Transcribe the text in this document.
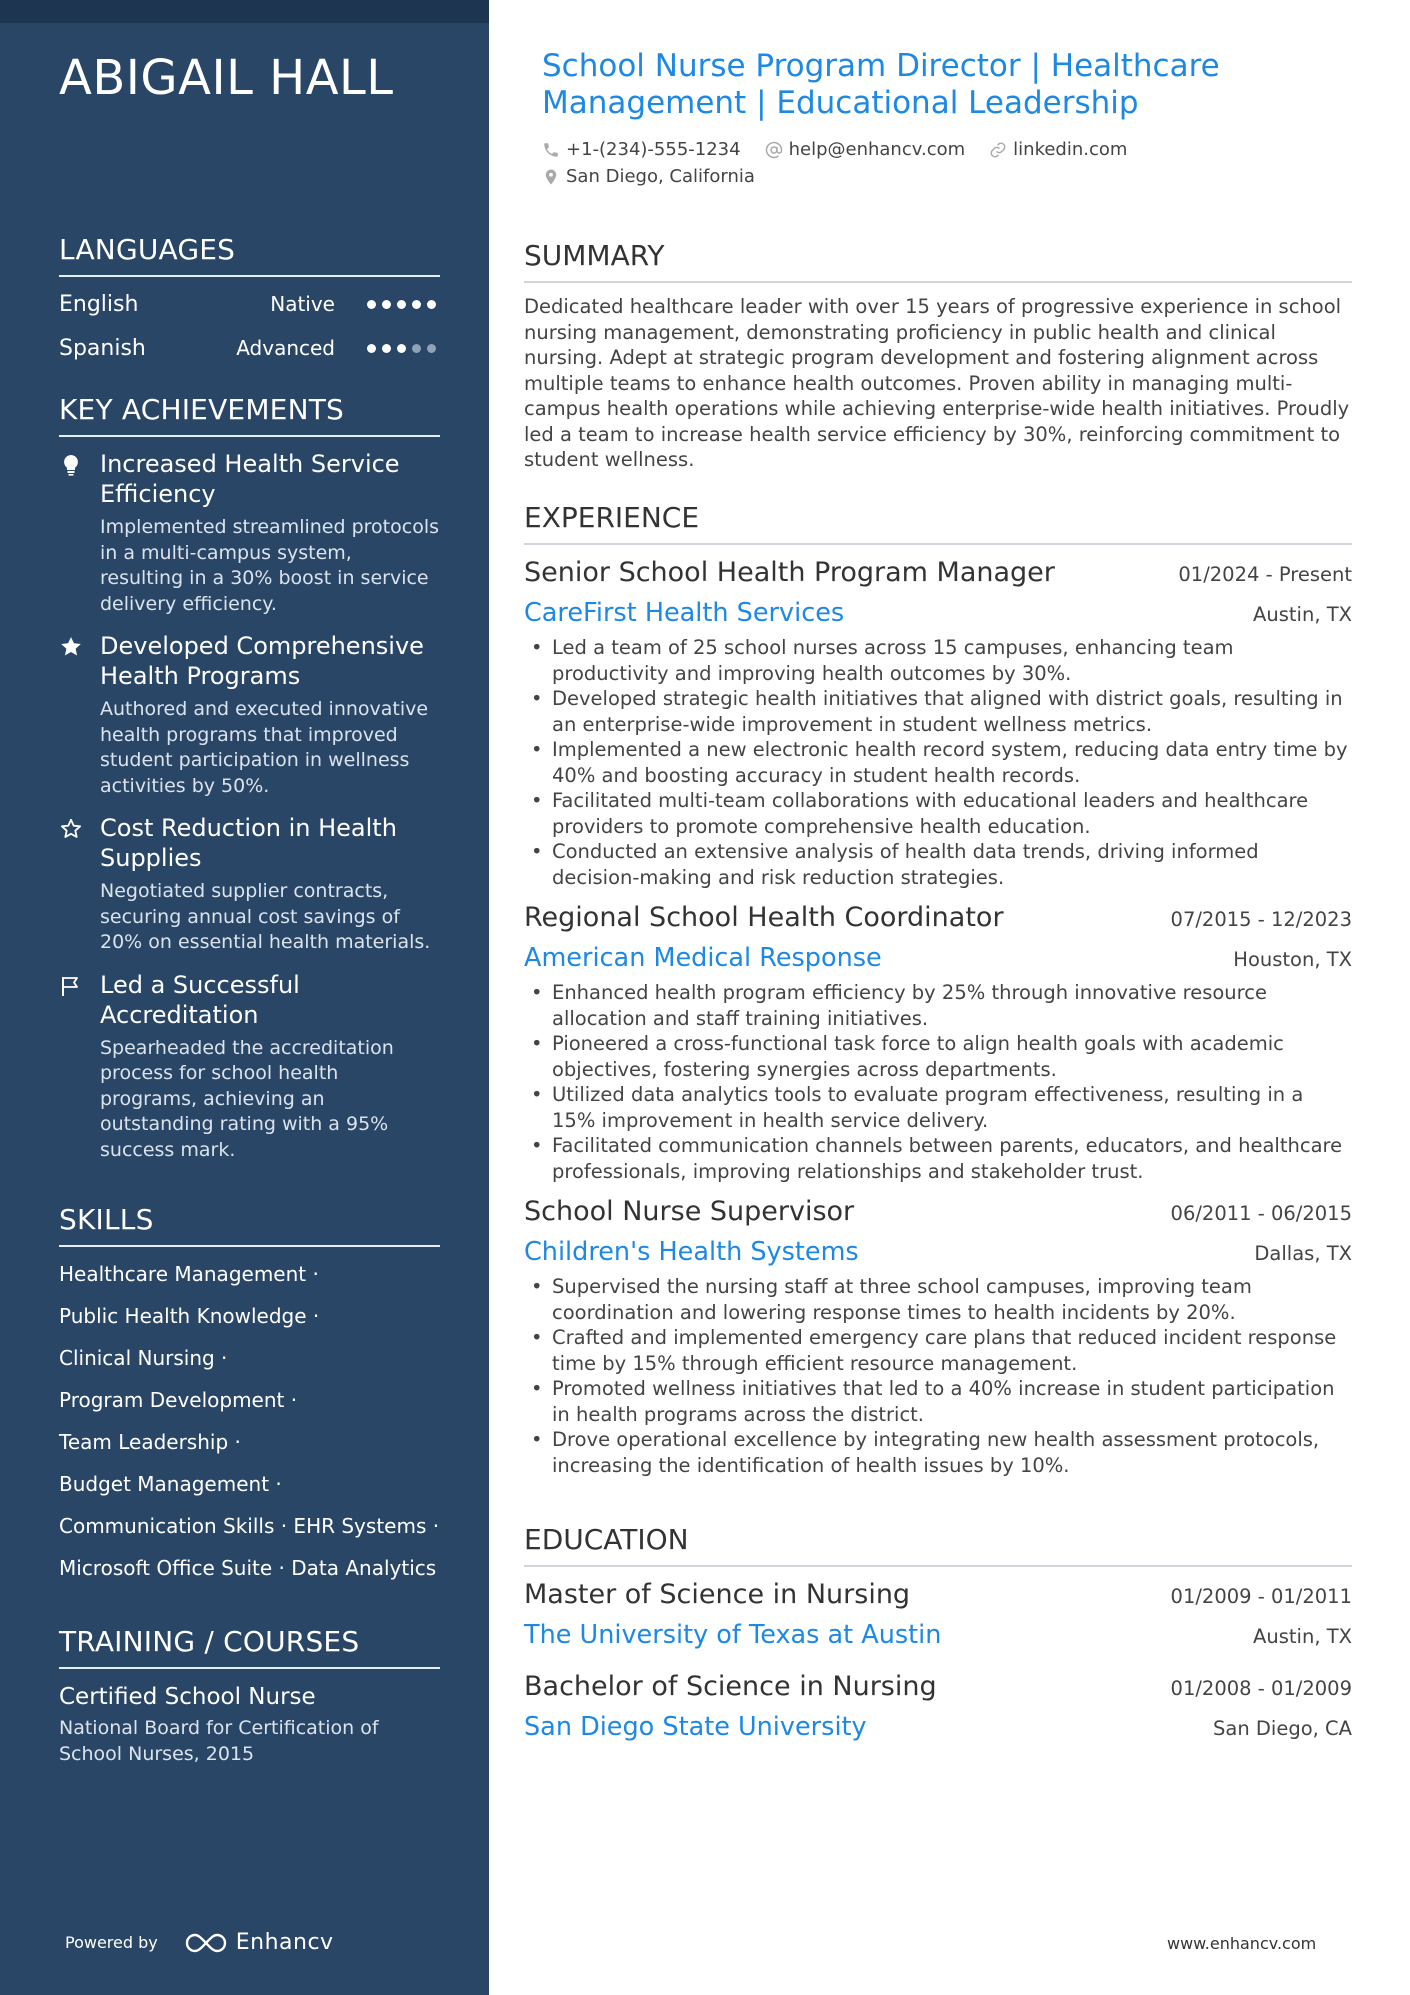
ABIGAIL HALL
LANGUAGES
English	Native
Spanish	Advanced
KEY ACHIEVEMENTS
Increased Health Service Efficiency
Implemented streamlined protocols in a multi-campus system, resulting in a 30% boost in service delivery efficiency.
Developed Comprehensive Health Programs
Authored and executed innovative health programs that improved student participation in wellness activities by 50%.
Cost Reduction in Health Supplies
Negotiated supplier contracts, securing annual cost savings of 20% on essential health materials.
Led a Successful Accreditation
Spearheaded the accreditation process for school health programs, achieving an outstanding rating with a 95% success mark.
SKILLS
Healthcare Management ·
Public Health Knowledge ·
Clinical Nursing ·
Program Development ·
Team Leadership ·
Budget Management ·
Communication Skills · EHR Systems ·
Microsoft Office Suite · Data Analytics
TRAINING / COURSES
Certified School Nurse
National Board for Certification of School Nurses, 2015
Powered by	Enhancv
School Nurse Program Director | Healthcare Management | Educational Leadership
+1-(234)-555-1234	help@enhancv.com	linkedin.com
San Diego, California
SUMMARY
Dedicated healthcare leader with over 15 years of progressive experience in school nursing management, demonstrating proficiency in public health and clinical nursing. Adept at strategic program development and fostering alignment across multiple teams to enhance health outcomes. Proven ability in managing multi-campus health operations while achieving enterprise-wide health initiatives. Proudly led a team to increase health service efficiency by 30%, reinforcing commitment to student wellness.
EXPERIENCE
Senior School Health Program Manager	01/2024 - Present
CareFirst Health Services	Austin, TX
• Led a team of 25 school nurses across 15 campuses, enhancing team productivity and improving health outcomes by 30%.
• Developed strategic health initiatives that aligned with district goals, resulting in an enterprise-wide improvement in student wellness metrics.
• Implemented a new electronic health record system, reducing data entry time by 40% and boosting accuracy in student health records.
• Facilitated multi-team collaborations with educational leaders and healthcare providers to promote comprehensive health education.
• Conducted an extensive analysis of health data trends, driving informed decision-making and risk reduction strategies.
Regional School Health Coordinator	07/2015 - 12/2023
American Medical Response	Houston, TX
• Enhanced health program efficiency by 25% through innovative resource allocation and staff training initiatives.
• Pioneered a cross-functional task force to align health goals with academic objectives, fostering synergies across departments.
• Utilized data analytics tools to evaluate program effectiveness, resulting in a 15% improvement in health service delivery.
• Facilitated communication channels between parents, educators, and healthcare professionals, improving relationships and stakeholder trust.
School Nurse Supervisor	06/2011 - 06/2015
Children's Health Systems	Dallas, TX
• Supervised the nursing staff at three school campuses, improving team coordination and lowering response times to health incidents by 20%.
• Crafted and implemented emergency care plans that reduced incident response time by 15% through efficient resource management.
• Promoted wellness initiatives that led to a 40% increase in student participation in health programs across the district.
• Drove operational excellence by integrating new health assessment protocols, increasing the identification of health issues by 10%.
EDUCATION
Master of Science in Nursing	01/2009 - 01/2011
The University of Texas at Austin	Austin, TX
Bachelor of Science in Nursing	01/2008 - 01/2009
San Diego State University	San Diego, CA
www.enhancv.com
